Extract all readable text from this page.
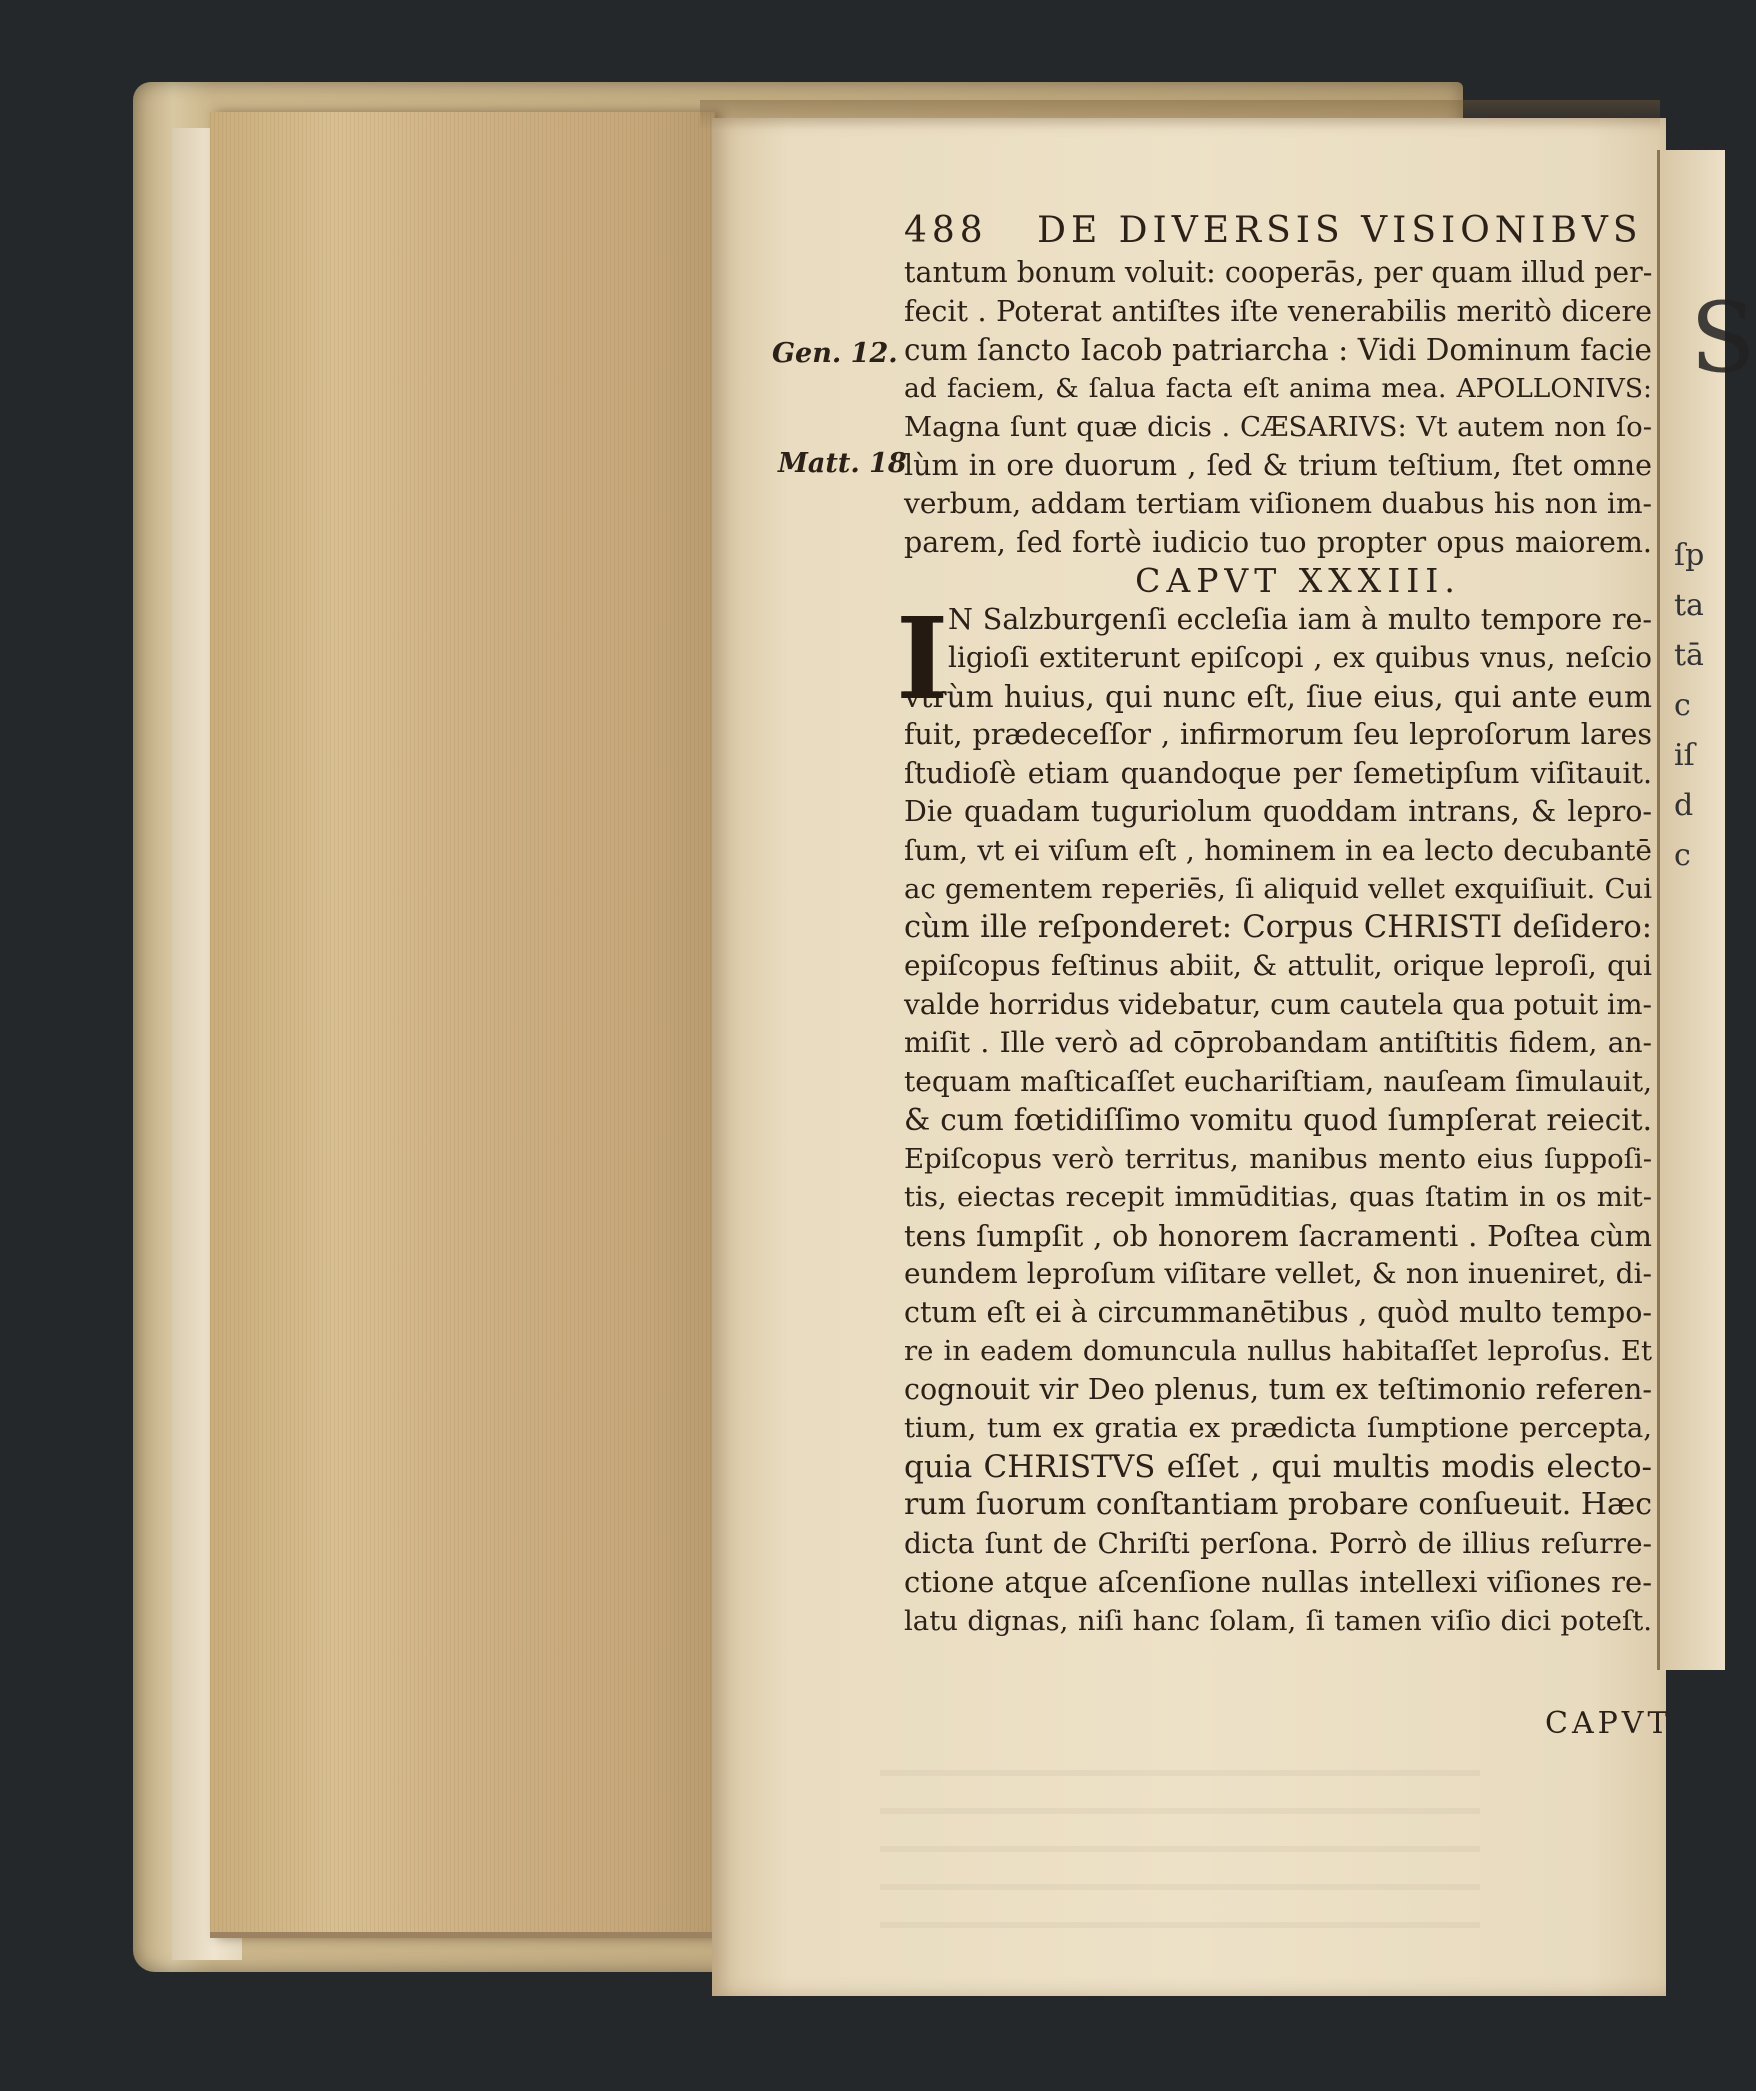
S
ſp
ta
tā
c
iſ
d
c
Gen. 12.
Matt. 18
488 DE DIVERSIS VISIONIBVS
tantum bonum voluit: cooperās, per quam illud per-
fecit . Poterat antiſtes iſte venerabilis meritò dicere
cum ſancto Iacob patriarcha : Vidi Dominum facie
ad faciem, & ſalua facta eſt anima mea. APOLLONIVS:
Magna ſunt quæ dicis . CÆSARIVS: Vt autem non ſo-
lùm in ore duorum , ſed & trium teſtium, ſtet omne
verbum, addam tertiam viſionem duabus his non im-
parem, ſed fortè iudicio tuo propter opus maiorem.
CAPVT XXXIII.
I N Salzburgenſi eccleſia iam à multo tempore re-
ligioſi extiterunt epiſcopi , ex quibus vnus, neſcio
vtrùm huius, qui nunc eſt, ſiue eius, qui ante eum
fuit, prædeceſſor , infirmorum ſeu leproſorum lares
ſtudioſè etiam quandoque per ſemetipſum viſitauit.
Die quadam tuguriolum quoddam intrans, & lepro-
ſum, vt ei viſum eſt , hominem in ea lecto decubantē
ac gementem reperiēs, ſi aliquid vellet exquiſiuit. Cui
cùm ille reſponderet: Corpus CHRISTI deſidero:
epiſcopus feſtinus abiit, & attulit, orique leproſi, qui
valde horridus videbatur, cum cautela qua potuit im-
miſit . Ille verò ad cōprobandam antiſtitis fidem, an-
tequam maſticaſſet euchariſtiam, nauſeam ſimulauit,
& cum fœtidiſſimo vomitu quod ſumpſerat reiecit.
Epiſcopus verò territus, manibus mento eius ſuppoſi-
tis, eiectas recepit immūditias, quas ſtatim in os mit-
tens ſumpſit , ob honorem ſacramenti . Poſtea cùm
eundem leproſum viſitare vellet, & non inueniret, di-
ctum eſt ei à circummanētibus , quòd multo tempo-
re in eadem domuncula nullus habitaſſet leproſus. Et
cognouit vir Deo plenus, tum ex teſtimonio referen-
tium, tum ex gratia ex prædicta ſumptione percepta,
quia CHRISTVS eſſet , qui multis modis electo-
rum ſuorum conſtantiam probare conſueuit. Hæc
dicta ſunt de Chriſti perſona. Porrò de illius reſurre-
ctione atque aſcenſione nullas intellexi viſiones re-
latu dignas, niſi hanc ſolam, ſi tamen viſio dici poteſt.
CAPVT
